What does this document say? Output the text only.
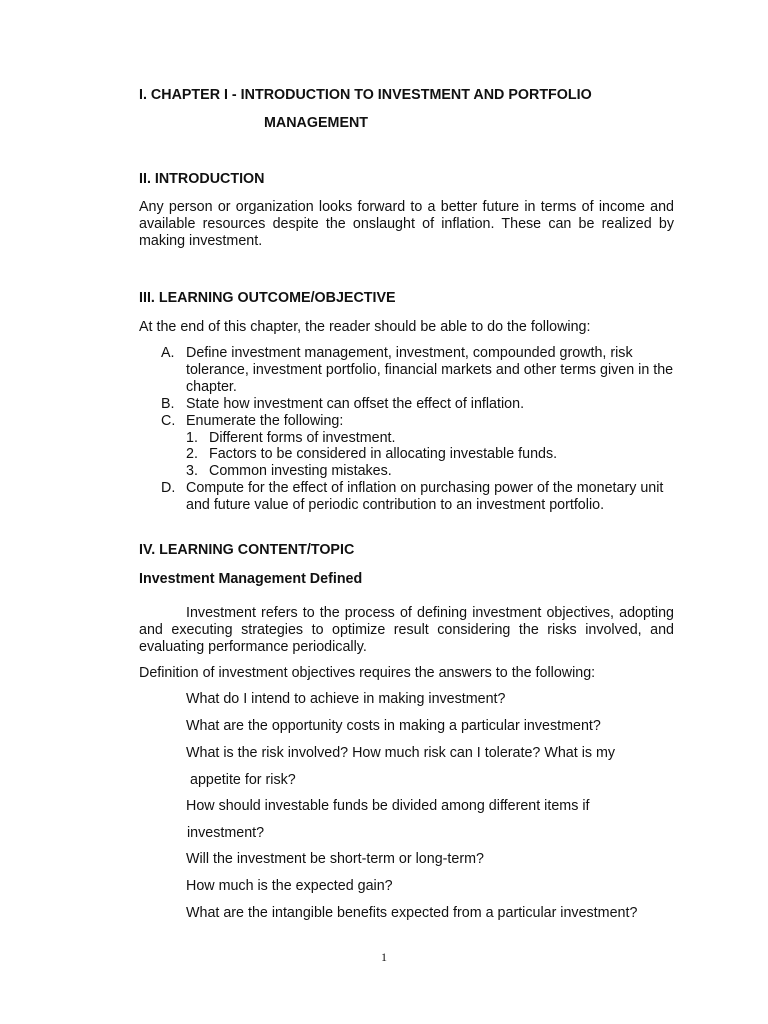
I. CHAPTER I - INTRODUCTION TO INVESTMENT AND PORTFOLIO
MANAGEMENT
II. INTRODUCTION
Any person or organization looks forward to a better future in terms of income and available resources despite the onslaught of inflation. These can be realized by making investment.
III. LEARNING OUTCOME/OBJECTIVE
At the end of this chapter, the reader should be able to do the following:
A. Define investment management, investment, compounded growth, risk tolerance, investment portfolio, financial markets and other terms given in the chapter.
B. State how investment can offset the effect of inflation.
C. Enumerate the following:
1. Different forms of investment.
2. Factors to be considered in allocating investable funds.
3. Common investing mistakes.
D. Compute for the effect of inflation on purchasing power of the monetary unit and future value of periodic contribution to an investment portfolio.
IV. LEARNING CONTENT/TOPIC
Investment Management Defined
Investment refers to the process of defining investment objectives, adopting and executing strategies to optimize result considering the risks involved, and evaluating performance periodically.
Definition of investment objectives requires the answers to the following:
What do I intend to achieve in making investment?
What are the opportunity costs in making a particular investment?
What is the risk involved? How much risk can I tolerate? What is my
appetite for risk?
How should investable funds be divided among different items if
investment?
Will the investment be short-term or long-term?
How much is the expected gain?
What are the intangible benefits expected from a particular investment?
1
